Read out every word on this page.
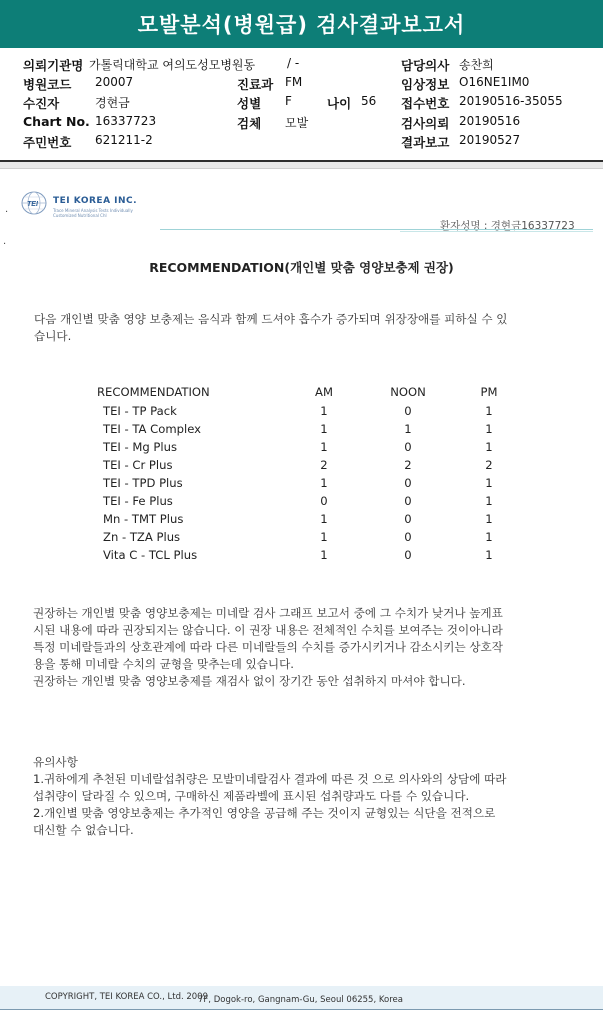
모발분석(병원급) 검사결과보고서
의뢰기관명 가톨릭대학교 여의도성모병원동	/ -
병원코드 20007
수진자	경현금
Chart No. 16337723
주민번호 621211-2
진료과 FM
성별 F	나이 56
검체 모발
담당의사 송찬희
임상정보 O16NE1IM0
접수번호 20190516-35055
검사의뢰 20190516
결과보고 20190527
.
.
TEI TEI KOREA INC.
Trace Mineral Analysis Tests Individually Customized Nutritional Chl
환자성명 : 경현금16337723
RECOMMENDATION(개인별 맞춤 영양보충제 권장)
다음 개인별 맞춤 영양 보충제는 음식과 함께 드셔야 흡수가 증가되며 위장장애를 피하실 수 있
습니다.
RECOMMENDATION	AM	NOON	PM
TEI - TP Pack	1	0	1
TEI - TA Complex	1	1	1
TEI - Mg Plus	1	0	1
TEI - Cr Plus	2	2	2
TEI - TPD Plus	1	0	1
TEI - Fe Plus	0	0	1
Mn - TMT Plus	1	0	1
Zn - TZA Plus	1	0	1
Vita C - TCL Plus	1	0	1
권장하는 개인별 맞춤 영양보충제는 미네랄 검사 그래프 보고서 중에 그 수치가 낮거나 높게표
시된 내용에 따라 권장되지는 않습니다. 이 권장 내용은 전체적인 수치를 보여주는 것이아니라
특정 미네랄들과의 상호관계에 따라 다른 미네랄들의 수치를 증가시키거나 감소시키는 상호작
용을 통해 미네랄 수치의 균형을 맞추는데 있습니다.
권장하는 개인별 맞춤 영양보충제를 재검사 없이 장기간 동안 섭취하지 마셔야 합니다.
유의사항
1.귀하에게 추천된 미네랄섭취량은 모발미네랄검사 결과에 따른 것 으로 의사와의 상담에 따라
섭취량이 달라질 수 있으며, 구매하신 제품라벨에 표시된 섭취량과도 다를 수 있습니다.
2.개인별 맞춤 영양보충제는 추가적인 영양을 공급해 주는 것이지 균형있는 식단을 전적으로
대신할 수 없습니다.
COPYRIGHT, TEI KOREA CO., Ltd. 2009
7F, Dogok-ro, Gangnam-Gu, Seoul 06255, Korea
